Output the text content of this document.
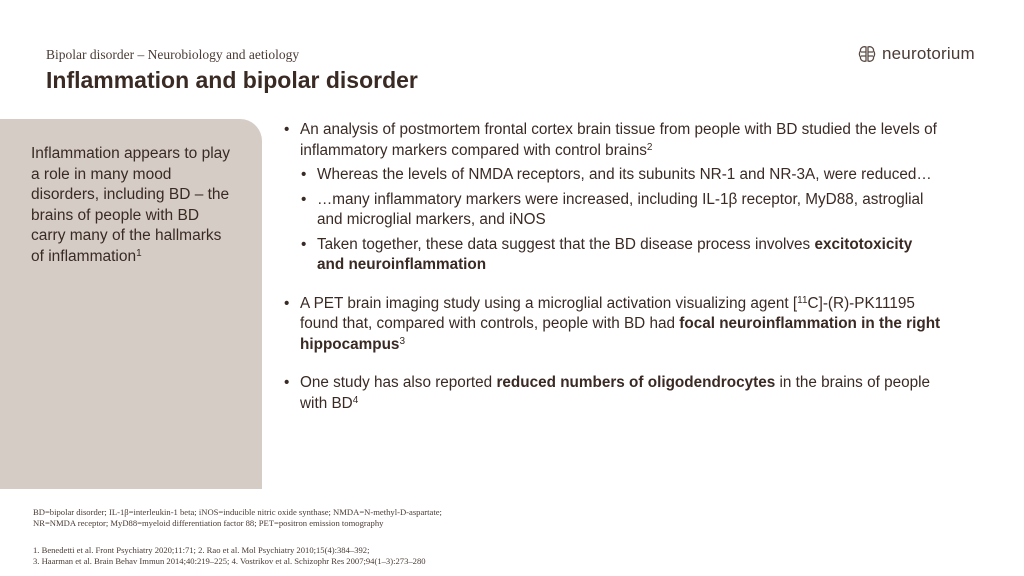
Bipolar disorder – Neurobiology and aetiology
Inflammation and bipolar disorder
neurotorium
Inflammation appears to play a role in many mood disorders, including BD – the brains of people with BD carry many of the hallmarks of inflammation$^1$
• An analysis of postmortem frontal cortex brain tissue from people with BD studied the levels of inflammatory markers compared with control brains$^2$
• Whereas the levels of NMDA receptors, and its subunits NR-1 and NR-3A, were reduced…
• …many inflammatory markers were increased, including IL-1β receptor, MyD88, astroglial and microglial markers, and iNOS
• Taken together, these data suggest that the BD disease process involves excitotoxicity and neuroinflammation
• A PET brain imaging study using a microglial activation visualizing agent [$^{11}$C]-(R)-PK11195 found that, compared with controls, people with BD had focal neuroinflammation in the right hippocampus$^3$
• One study has also reported reduced numbers of oligodendrocytes in the brains of people with $BD^4$
BD=bipolar disorder; IL-1β=interleukin-1 beta; iNOS=inducible nitric oxide synthase; NMDA=N-methyl-D-aspartate;
NR=NMDA receptor; MyD88=myeloid differentiation factor 88; PET=positron emission tomography
1. Benedetti et al. Front Psychiatry 2020;11:71; 2. Rao et al. Mol Psychiatry 2010;15(4):384–392;
3. Haarman et al. Brain Behav Immun 2014;40:219–225; 4. Vostrikov et al. Schizophr Res 2007;94(1–3):273–280
